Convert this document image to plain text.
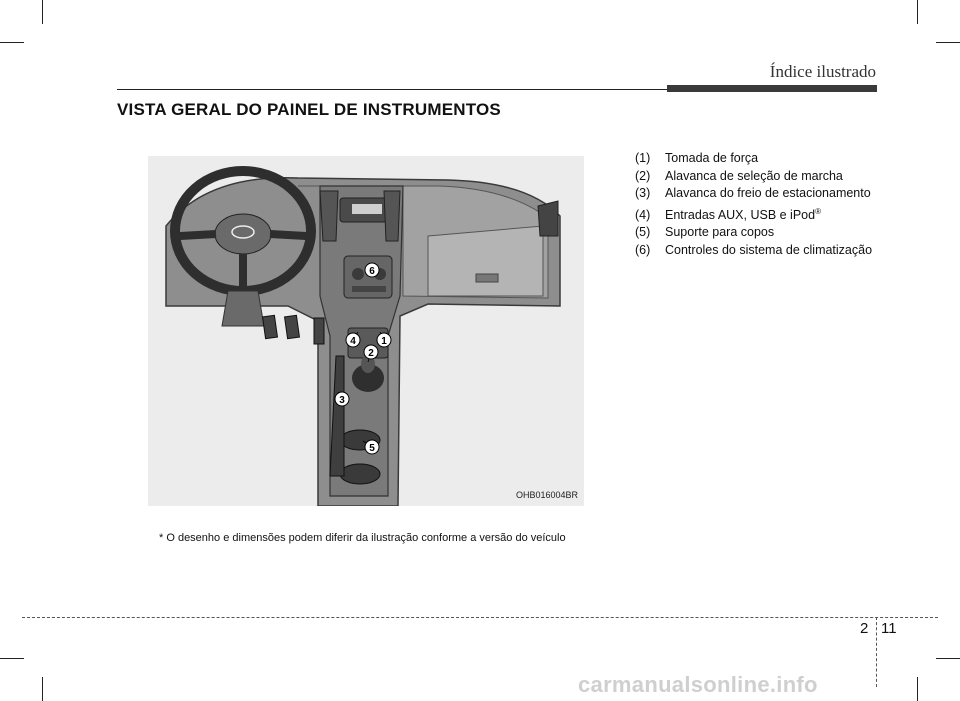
Índice ilustrado
VISTA GERAL DO PAINEL DE INSTRUMENTOS
1
2
3
4
5
6
OHB016004BR
(1) Tomada de força
(2) Alavanca de seleção de marcha
(3) Alavanca do freio de estacionamento
(4) Entradas AUX, USB e iPod®
(5) Suporte para copos
(6) Controles do sistema de climatização
* O desenho e dimensões podem diferir da ilustração conforme a versão do veículo
2 11
carmanualsonline.info
